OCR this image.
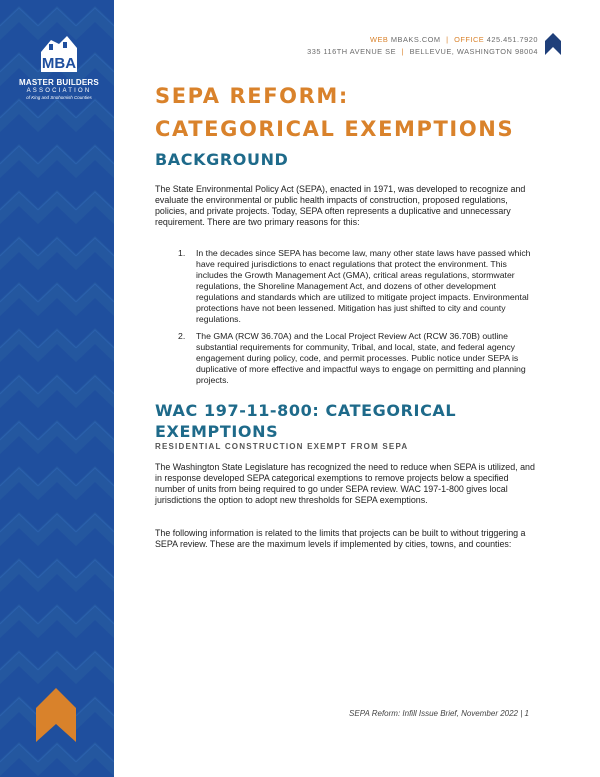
MBA
MASTER BUILDERS
ASSOCIATION
of King and Snohomish Counties
WEB MBAKS.COM | OFFICE 425.451.7920
335 116TH AVENUE SE | BELLEVUE, WASHINGTON 98004
SEPA REFORM:
CATEGORICAL EXEMPTIONS
BACKGROUND
The State Environmental Policy Act (SEPA), enacted in 1971, was developed to recognize and evaluate the environmental or public health impacts of construction, proposed regulations, policies, and private projects. Today, SEPA often represents a duplicative and unnecessary requirement. There are two primary reasons for this:
1. In the decades since SEPA has become law, many other state laws have passed which have required jurisdictions to enact regulations that protect the environment. This includes the Growth Management Act (GMA), critical areas regulations, stormwater regulations, the Shoreline Management Act, and dozens of other development regulations and standards which are utilized to mitigate project impacts. Environmental protections have not been lessened. Mitigation has just shifted to city and county regulations.
2. The GMA (RCW 36.70A) and the Local Project Review Act (RCW 36.70B) outline substantial requirements for community, Tribal, and local, state, and federal agency engagement during policy, code, and permit processes. Public notice under SEPA is duplicative of more effective and impactful ways to engage on permitting and planning projects.
WAC 197-11-800: CATEGORICAL EXEMPTIONS
RESIDENTIAL CONSTRUCTION EXEMPT FROM SEPA
The Washington State Legislature has recognized the need to reduce when SEPA is utilized, and in response developed SEPA categorical exemptions to remove projects below a specified number of units from being required to go under SEPA review. WAC 197-1-800 gives local jurisdictions the option to adopt new thresholds for SEPA exemptions.
The following information is related to the limits that projects can be built to without triggering a SEPA review. These are the maximum levels if implemented by cities, towns, and counties:
SEPA Reform: Infill Issue Brief, November 2022 | 1
